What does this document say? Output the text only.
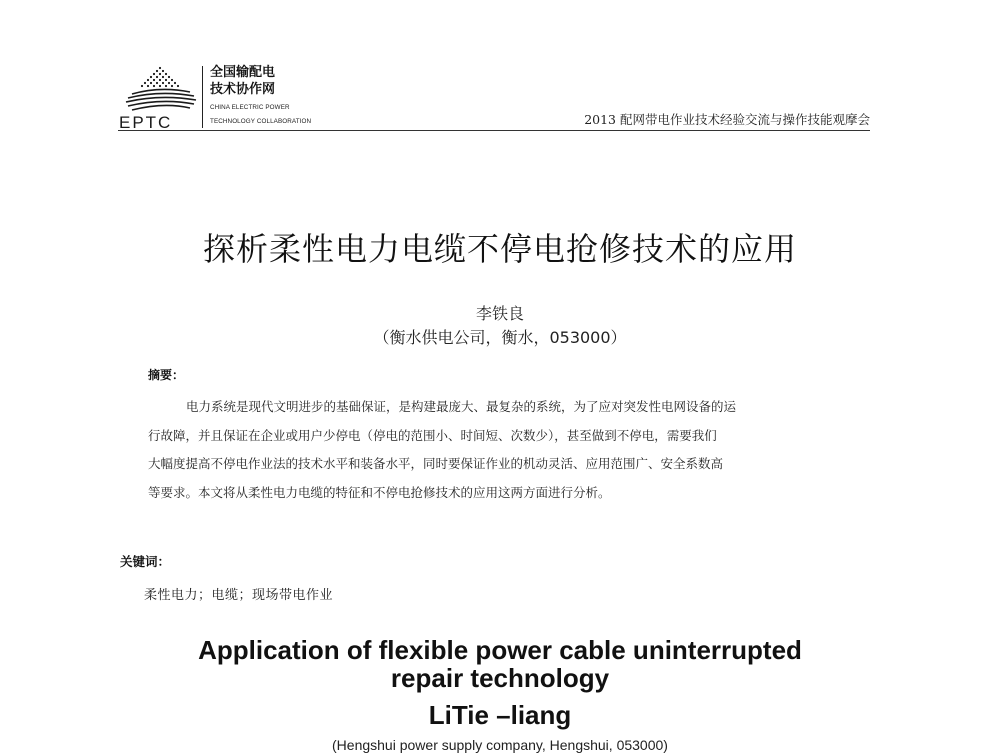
EPTC
全国输配电
技术协作网
CHINA ELECTRIC POWER
TECHNOLOGY COLLABORATION	2013 配网带电作业技术经验交流与操作技能观摩会
探析柔性电力电缆不停电抢修技术的应用
李铁良
（衡水供电公司，衡水，053000）
摘要：
电力系统是现代文明进步的基础保证，是构建最庞大、最复杂的系统，为了应对突发性电网设备的运
行故障，并且保证在企业或用户少停电（停电的范围小、时间短、次数少），甚至做到不停电，需要我们
大幅度提高不停电作业法的技术水平和装备水平，同时要保证作业的机动灵活、应用范围广、安全系数高
等要求。本文将从柔性电力电缆的特征和不停电抢修技术的应用这两方面进行分析。
关键词：
柔性电力；电缆；现场带电作业
Application of flexible power cable uninterrupted
repair technology
LiTie –liang
(Hengshui power supply company, Hengshui, 053000)
